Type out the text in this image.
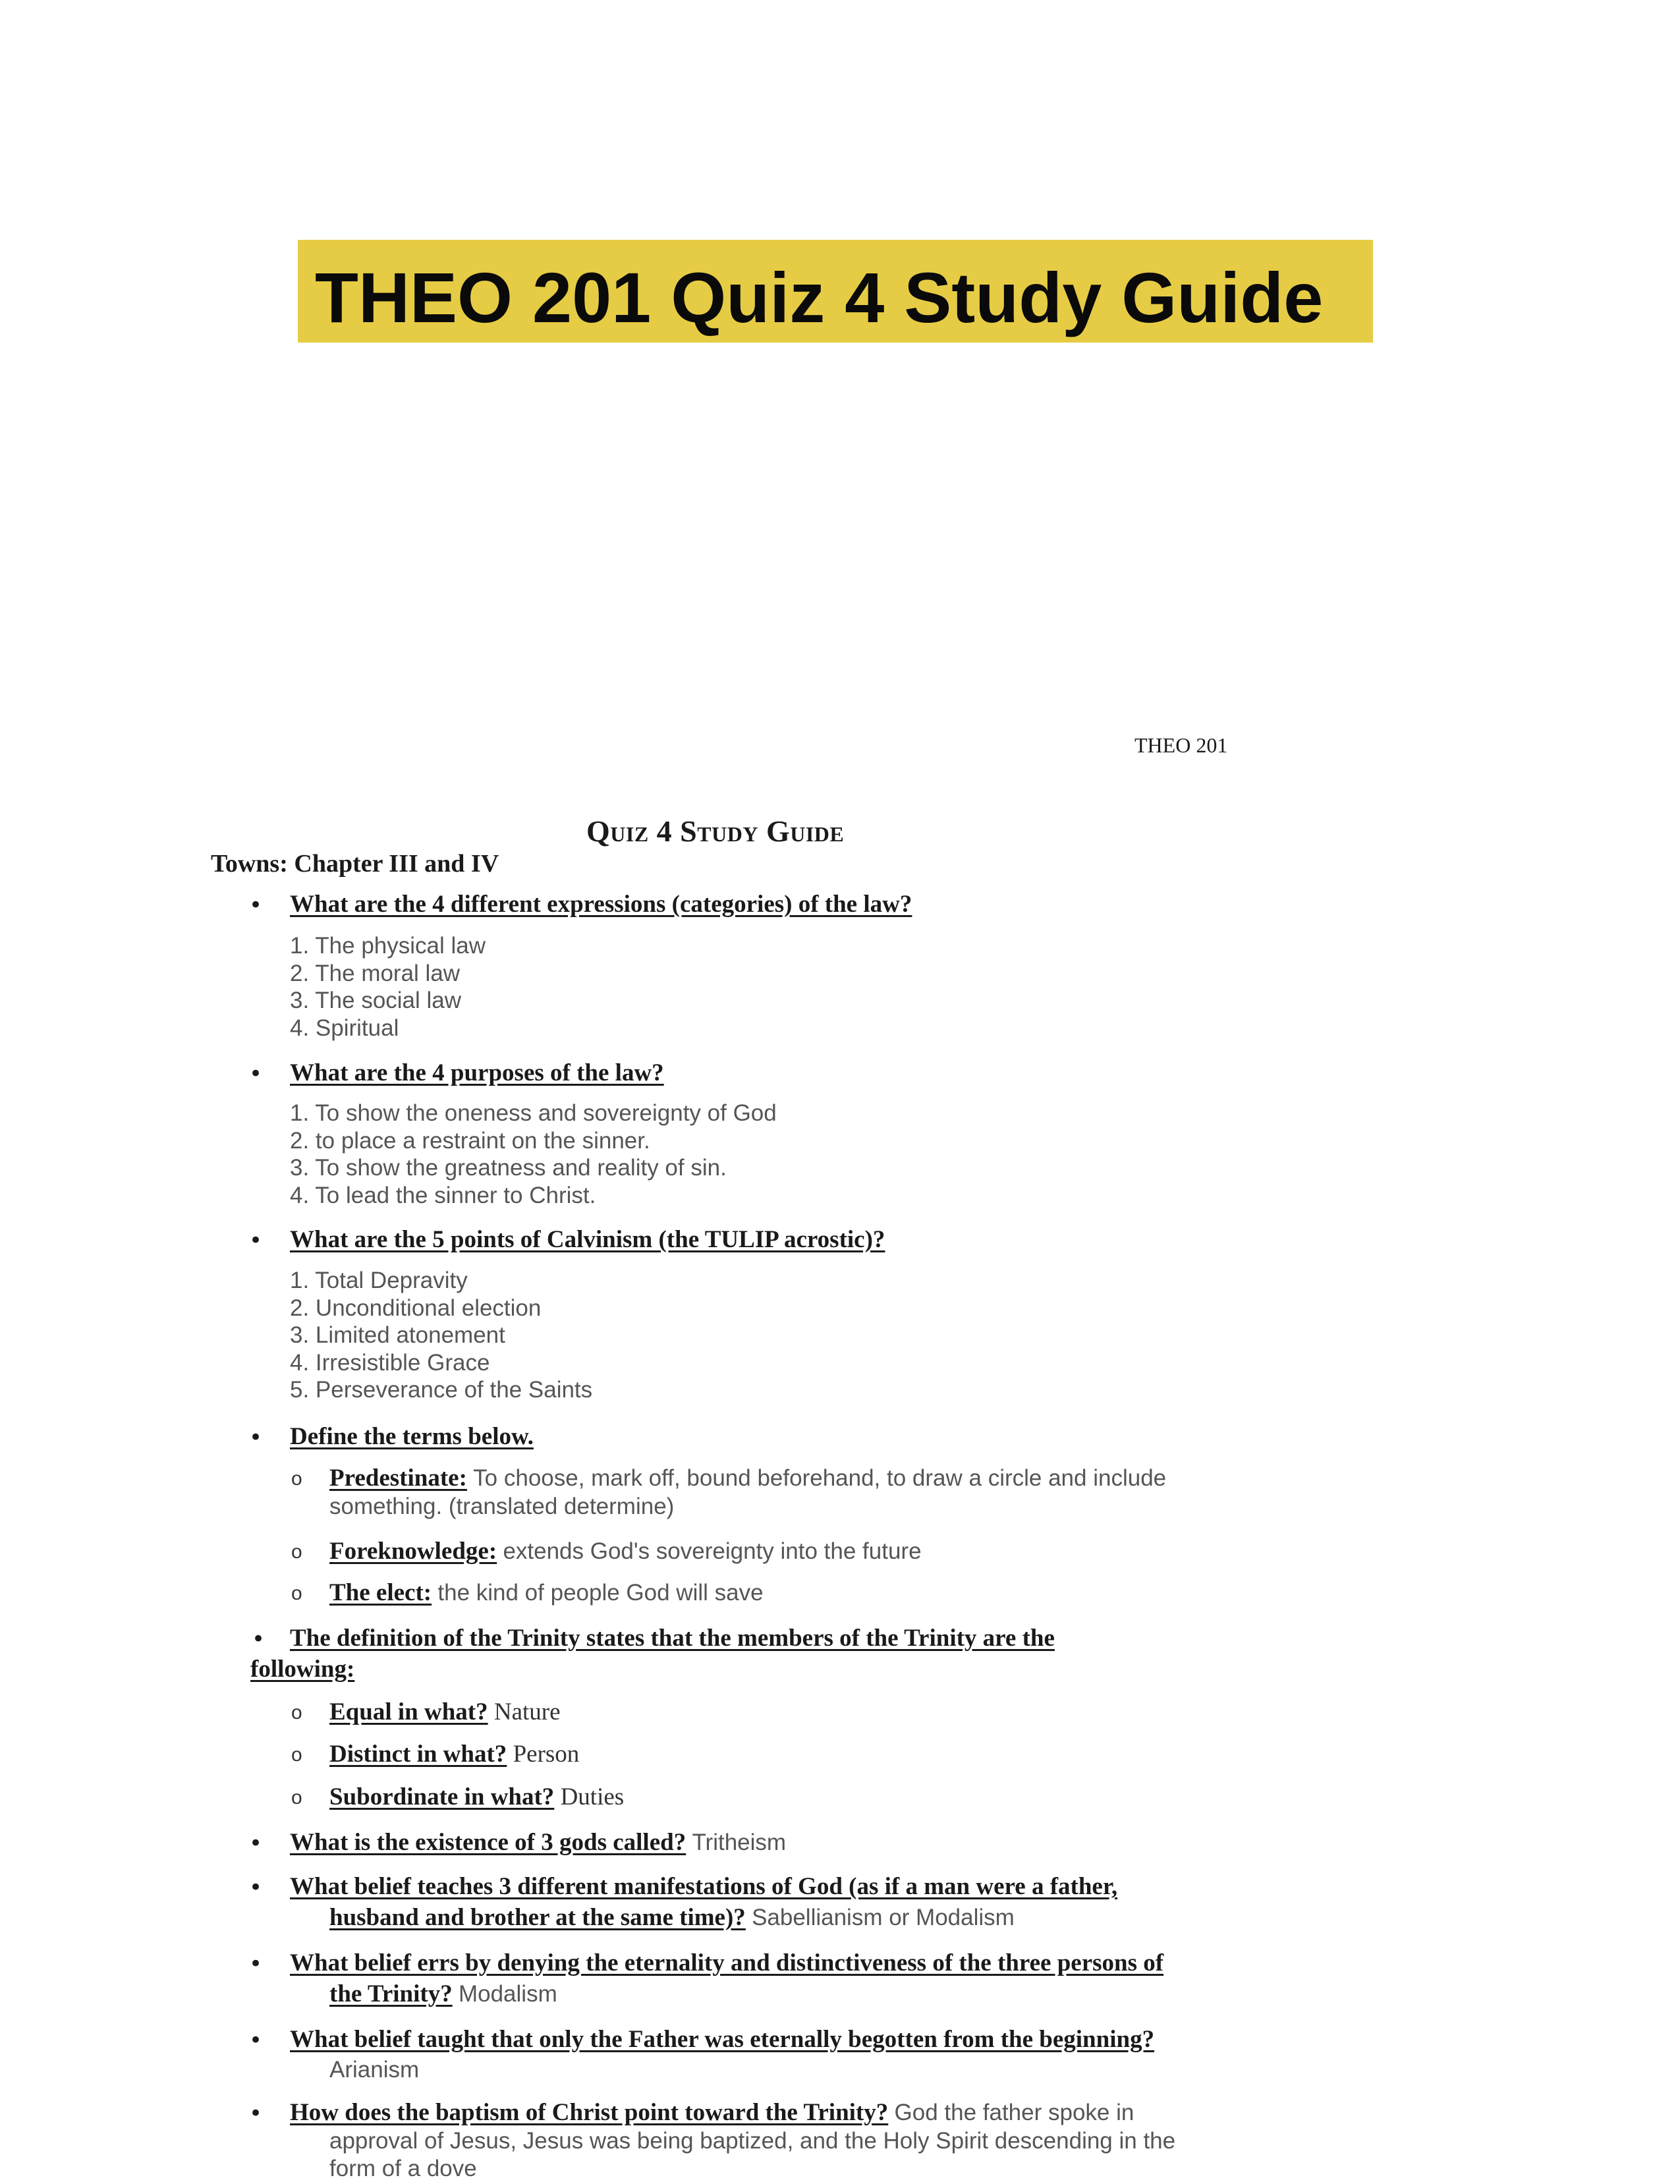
THEO 201 Quiz 4 Study Guide
THEO 201
Quiz 4 Study Guide
Towns: Chapter III and IV
• What are the 4 different expressions (categories) of the law?
1. The physical law
2. The moral law
3. The social law
4. Spiritual
• What are the 4 purposes of the law?
1. To show the oneness and sovereignty of God
2. to place a restraint on the sinner.
3. To show the greatness and reality of sin.
4. To lead the sinner to Christ.
• What are the 5 points of Calvinism (the TULIP acrostic)?
1. Total Depravity
2. Unconditional election
3. Limited atonement
4. Irresistible Grace
5. Perseverance of the Saints
• Define the terms below.
o Predestinate: To choose, mark off, bound beforehand, to draw a circle and include
something. (translated determine)
o Foreknowledge: extends God's sovereignty into the future
o The elect: the kind of people God will save
• The definition of the Trinity states that the members of the Trinity are the
following:
o Equal in what? Nature
o Distinct in what? Person
o Subordinate in what? Duties
• What is the existence of 3 gods called? Tritheism
• What belief teaches 3 different manifestations of God (as if a man were a father,
husband and brother at the same time)? Sabellianism or Modalism
• What belief errs by denying the eternality and distinctiveness of the three persons of
the Trinity? Modalism
• What belief taught that only the Father was eternally begotten from the beginning?
Arianism
• How does the baptism of Christ point toward the Trinity? God the father spoke in
approval of Jesus, Jesus was being baptized, and the Holy Spirit descending in the
form of a dove
